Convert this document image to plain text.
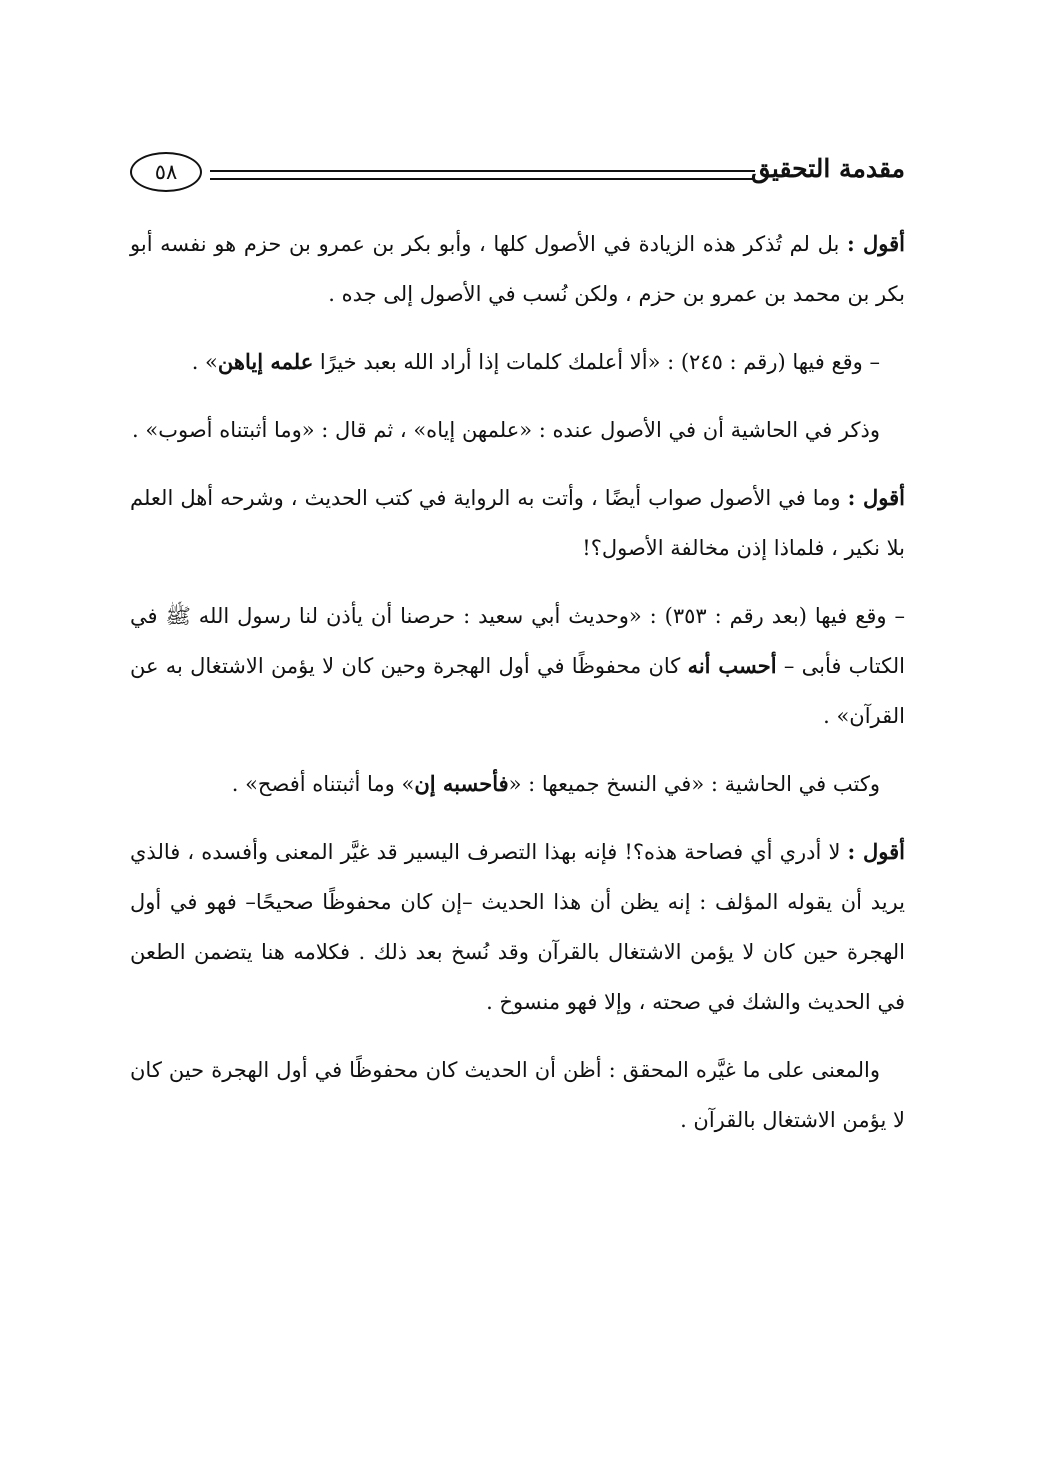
٥٨	مقدمة التحقيق

أقول : بل لم تُذكر هذه الزيادة في الأصول كلها ، وأبو بكر بن عمرو بن حزم هو نفسه أبو بكر بن محمد بن عمرو بن حزم ، ولكن نُسب في الأصول إلى جده .

– وقع فيها (رقم : ٢٤٥) : «ألا أعلمك كلمات إذا أراد الله بعبد خيرًا علمه إياهن» .

وذكر في الحاشية أن في الأصول عنده : «علمهن إياه» ، ثم قال : «وما أثبتناه أصوب» .

أقول : وما في الأصول صواب أيضًا ، وأتت به الرواية في كتب الحديث ، وشرحه أهل العلم بلا نكير ، فلماذا إذن مخالفة الأصول؟!

– وقع فيها (بعد رقم : ٣٥٣) : «وحديث أبي سعيد : حرصنا أن يأذن لنا رسول الله ﷺ في الكتاب فأبى – أحسب أنه كان محفوظًا في أول الهجرة وحين كان لا يؤمن الاشتغال به عن القرآن» .

وكتب في الحاشية : «في النسخ جميعها : «فأحسبه إن» وما أثبتناه أفصح» .

أقول : لا أدري أي فصاحة هذه؟! فإنه بهذا التصرف اليسير قد غيَّر المعنى وأفسده ، فالذي يريد أن يقوله المؤلف : إنه يظن أن هذا الحديث –إن كان محفوظًا صحيحًا– فهو في أول الهجرة حين كان لا يؤمن الاشتغال بالقرآن وقد نُسخ بعد ذلك . فكلامه هنا يتضمن الطعن في الحديث والشك في صحته ، وإلا فهو منسوخ .

والمعنى على ما غيَّره المحقق : أظن أن الحديث كان محفوظًا في أول الهجرة حين كان لا يؤمن الاشتغال بالقرآن .
